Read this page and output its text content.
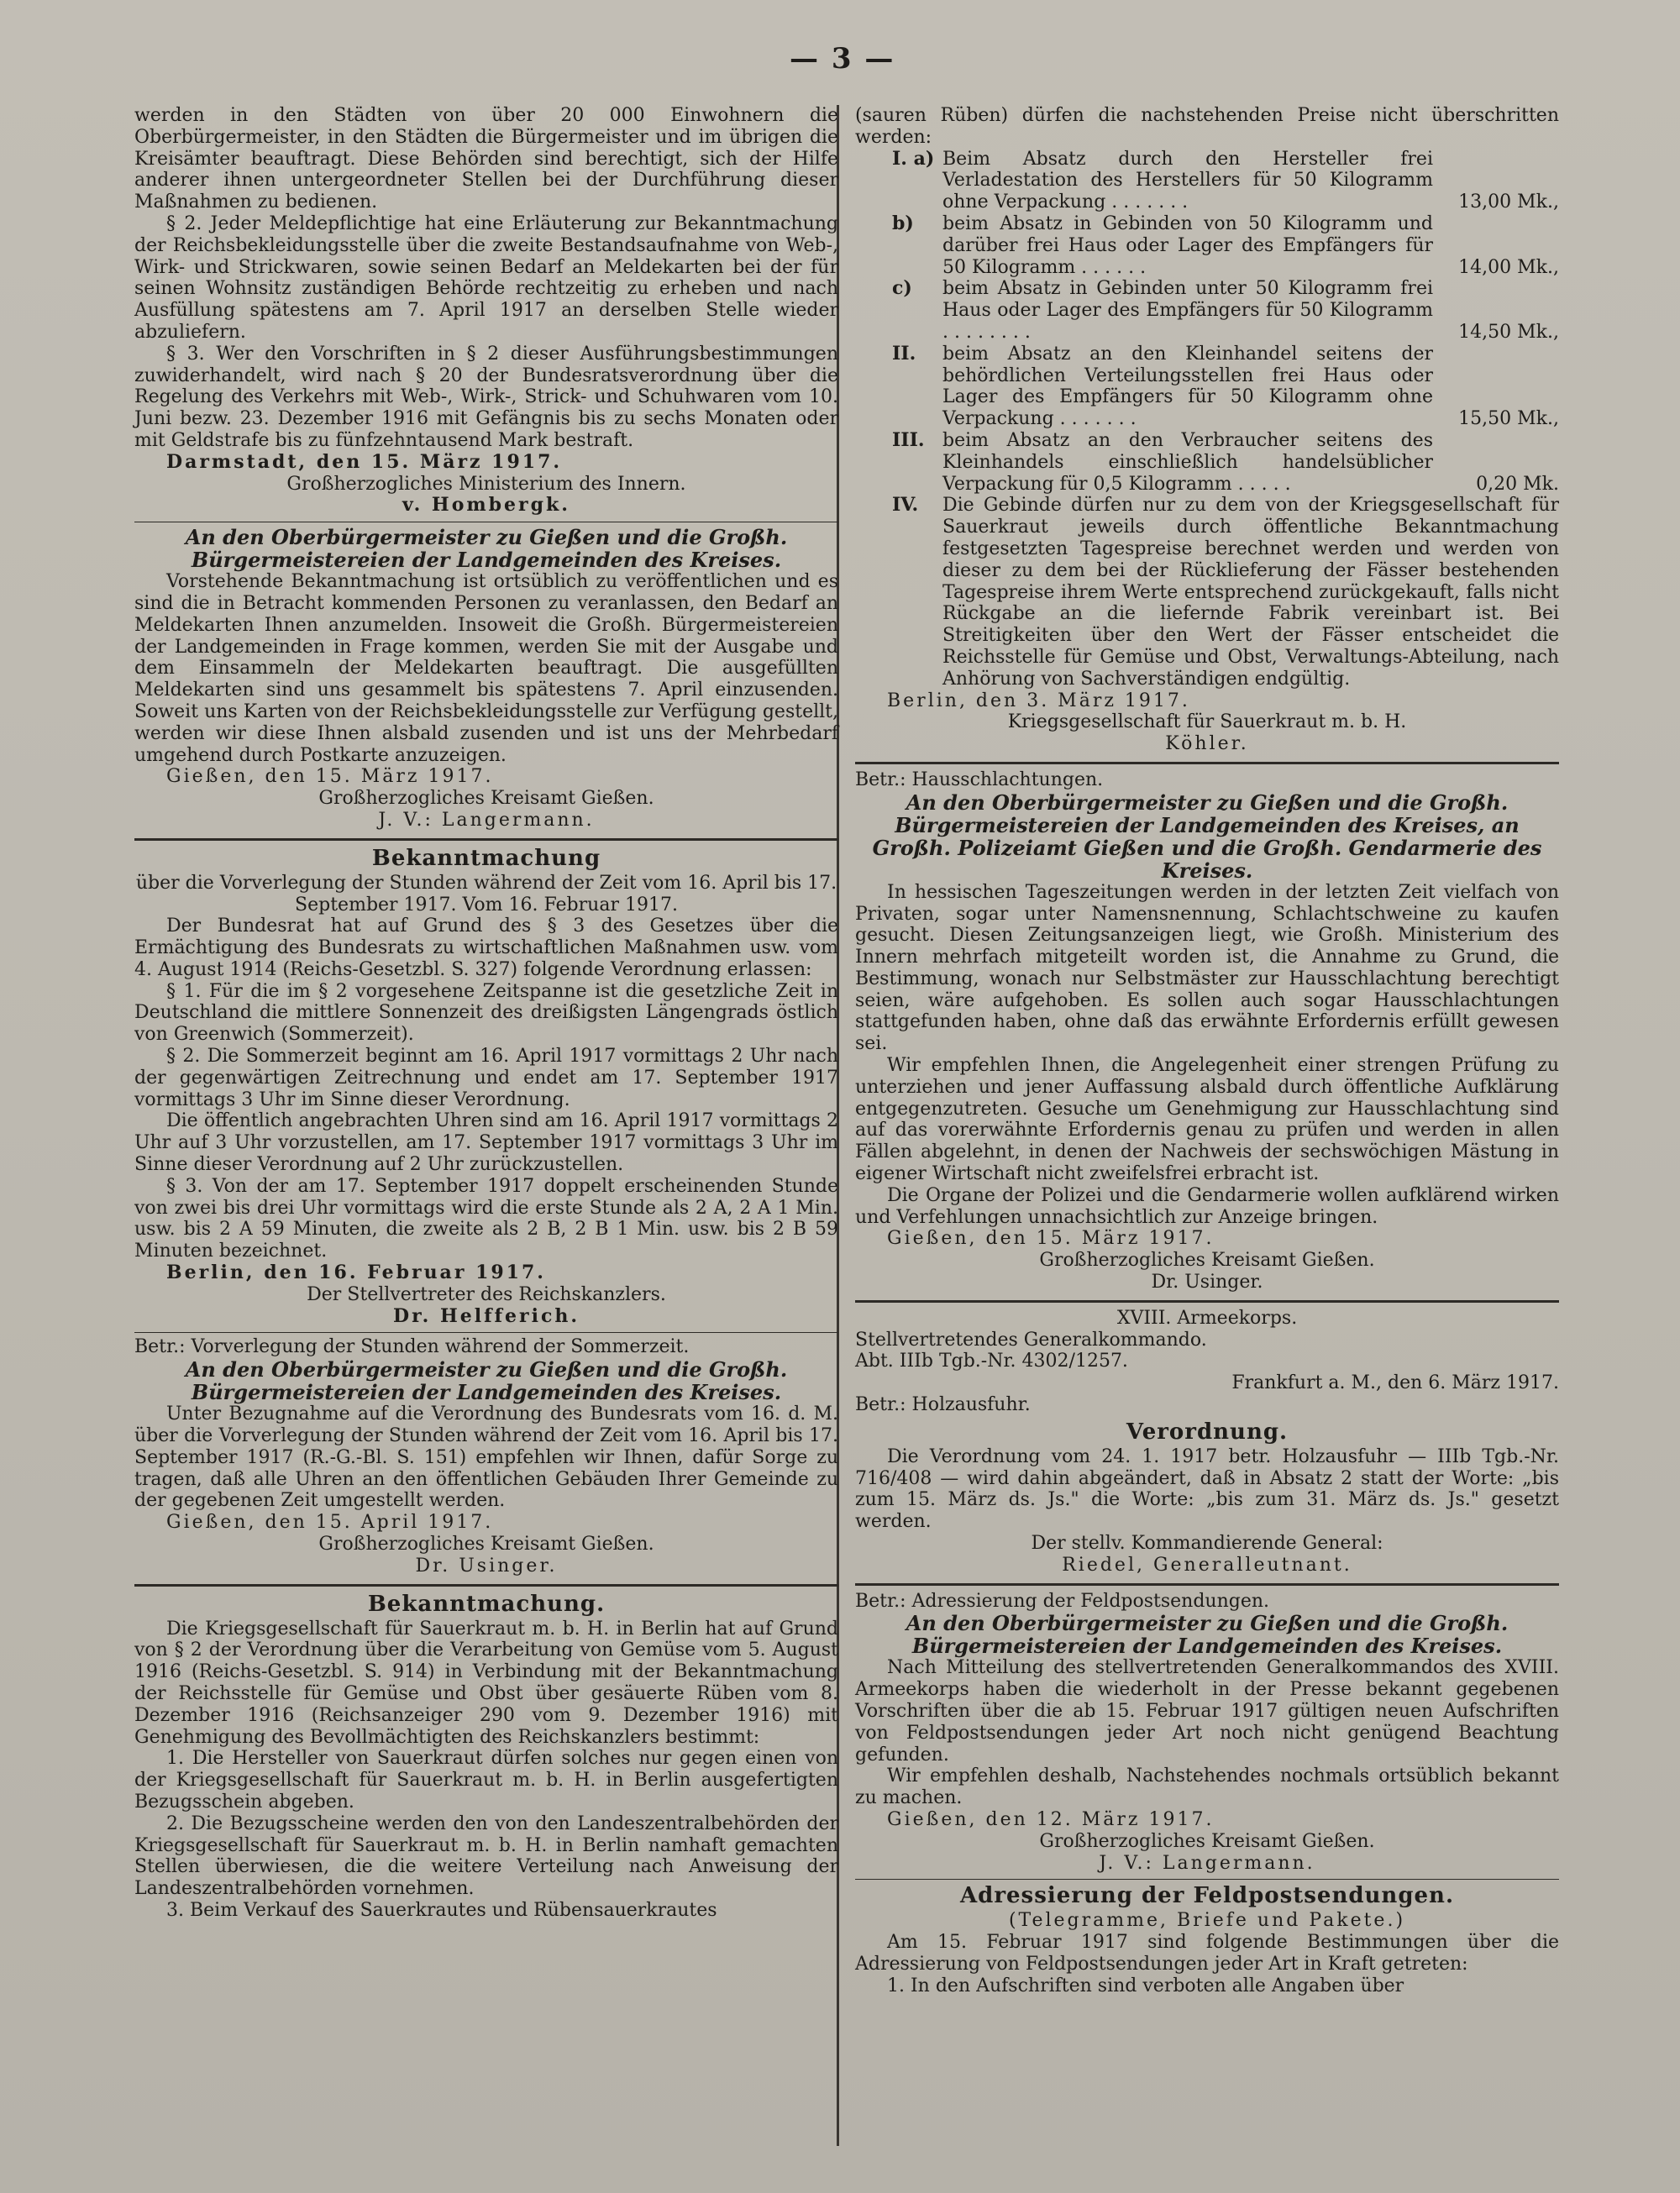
— 3 —

werden in den Städten von über 20 000 Einwohnern die Oberbürgermeister, in den Städten die Bürgermeister und im übrigen die Kreisämter beauftragt. Diese Behörden sind berechtigt, sich der Hilfe anderer ihnen untergeordneter Stellen bei der Durchführung dieser Maßnahmen zu bedienen.

§ 2. Jeder Meldepflichtige hat eine Erläuterung zur Bekanntmachung der Reichsbekleidungsstelle über die zweite Bestandsaufnahme von Web-, Wirk- und Strickwaren, sowie seinen Bedarf an Meldekarten bei der für seinen Wohnsitz zuständigen Behörde rechtzeitig zu erheben und nach Ausfüllung spätestens am 7. April 1917 an derselben Stelle wieder abzuliefern.

§ 3. Wer den Vorschriften in § 2 dieser Ausführungsbestimmungen zuwiderhandelt, wird nach § 20 der Bundesratsverordnung über die Regelung des Verkehrs mit Web-, Wirk-, Strick- und Schuhwaren vom 10. Juni bezw. 23. Dezember 1916 mit Gefängnis bis zu sechs Monaten oder mit Geldstrafe bis zu fünfzehntausend Mark bestraft.

Darmstadt, den 15. März 1917.

Großherzogliches Ministerium des Innern.

v. Hombergk.

An den Oberbürgermeister zu Gießen und die Großh. Bürgermeistereien der Landgemeinden des Kreises.

Vorstehende Bekanntmachung ist ortsüblich zu veröffentlichen und es sind die in Betracht kommenden Personen zu veranlassen, den Bedarf an Meldekarten Ihnen anzumelden. Insoweit die Großh. Bürgermeistereien der Landgemeinden in Frage kommen, werden Sie mit der Ausgabe und dem Einsammeln der Meldekarten beauftragt. Die ausgefüllten Meldekarten sind uns gesammelt bis spätestens 7. April einzusenden. Soweit uns Karten von der Reichsbekleidungsstelle zur Verfügung gestellt, werden wir diese Ihnen alsbald zusenden und ist uns der Mehrbedarf umgehend durch Postkarte anzuzeigen.

Gießen, den 15. März 1917.

Großherzogliches Kreisamt Gießen.

J. V.: Langermann.

Bekanntmachung

über die Vorverlegung der Stunden während der Zeit vom 16. April bis 17. September 1917. Vom 16. Februar 1917.

Der Bundesrat hat auf Grund des § 3 des Gesetzes über die Ermächtigung des Bundesrats zu wirtschaftlichen Maßnahmen usw. vom 4. August 1914 (Reichs-Gesetzbl. S. 327) folgende Verordnung erlassen:

§ 1. Für die im § 2 vorgesehene Zeitspanne ist die gesetzliche Zeit in Deutschland die mittlere Sonnenzeit des dreißigsten Längengrads östlich von Greenwich (Sommerzeit).

§ 2. Die Sommerzeit beginnt am 16. April 1917 vormittags 2 Uhr nach der gegenwärtigen Zeitrechnung und endet am 17. September 1917 vormittags 3 Uhr im Sinne dieser Verordnung.

Die öffentlich angebrachten Uhren sind am 16. April 1917 vormittags 2 Uhr auf 3 Uhr vorzustellen, am 17. September 1917 vormittags 3 Uhr im Sinne dieser Verordnung auf 2 Uhr zurückzustellen.

§ 3. Von der am 17. September 1917 doppelt erscheinenden Stunde von zwei bis drei Uhr vormittags wird die erste Stunde als 2 A, 2 A 1 Min. usw. bis 2 A 59 Minuten, die zweite als 2 B, 2 B 1 Min. usw. bis 2 B 59 Minuten bezeichnet.

Berlin, den 16. Februar 1917.

Der Stellvertreter des Reichskanzlers.

Dr. Helfferich.

Betr.: Vorverlegung der Stunden während der Sommerzeit.

An den Oberbürgermeister zu Gießen und die Großh. Bürgermeistereien der Landgemeinden des Kreises.

Unter Bezugnahme auf die Verordnung des Bundesrats vom 16. d. M. über die Vorverlegung der Stunden während der Zeit vom 16. April bis 17. September 1917 (R.-G.-Bl. S. 151) empfehlen wir Ihnen, dafür Sorge zu tragen, daß alle Uhren an den öffentlichen Gebäuden Ihrer Gemeinde zu der gegebenen Zeit umgestellt werden.

Gießen, den 15. April 1917.

Großherzogliches Kreisamt Gießen.

Dr. Usinger.

Bekanntmachung.

Die Kriegsgesellschaft für Sauerkraut m. b. H. in Berlin hat auf Grund von § 2 der Verordnung über die Verarbeitung von Gemüse vom 5. August 1916 (Reichs-Gesetzbl. S. 914) in Verbindung mit der Bekanntmachung der Reichsstelle für Gemüse und Obst über gesäuerte Rüben vom 8. Dezember 1916 (Reichsanzeiger 290 vom 9. Dezember 1916) mit Genehmigung des Bevollmächtigten des Reichskanzlers bestimmt:

1. Die Hersteller von Sauerkraut dürfen solches nur gegen einen von der Kriegsgesellschaft für Sauerkraut m. b. H. in Berlin ausgefertigten Bezugsschein abgeben.

2. Die Bezugsscheine werden den von den Landeszentralbehörden der Kriegsgesellschaft für Sauerkraut m. b. H. in Berlin namhaft gemachten Stellen überwiesen, die die weitere Verteilung nach Anweisung der Landeszentralbehörden vornehmen.

3. Beim Verkauf des Sauerkrautes und Rübensauerkrautes

(sauren Rüben) dürfen die nachstehenden Preise nicht überschritten werden:

I. a) Beim Absatz durch den Hersteller frei Verladestation des Herstellers für 50 Kilogramm ohne Verpackung . . . . . . .	13,00 Mk.,
b) beim Absatz in Gebinden von 50 Kilogramm und darüber frei Haus oder Lager des Empfängers für 50 Kilogramm . . . . . .	14,00 Mk.,
c) beim Absatz in Gebinden unter 50 Kilogramm frei Haus oder Lager des Empfängers für 50 Kilogramm . . . . . . . .	14,50 Mk.,
II. beim Absatz an den Kleinhandel seitens der behördlichen Verteilungsstellen frei Haus oder Lager des Empfängers für 50 Kilogramm ohne Verpackung . . . . . . .	15,50 Mk.,
III. beim Absatz an den Verbraucher seitens des Kleinhandels einschließlich handelsüblicher Verpackung für 0,5 Kilogramm . . . . .	0,20 Mk.
IV. Die Gebinde dürfen nur zu dem von der Kriegsgesellschaft für Sauerkraut jeweils durch öffentliche Bekanntmachung festgesetzten Tagespreise berechnet werden und werden von dieser zu dem bei der Rücklieferung der Fässer bestehenden Tagespreise ihrem Werte entsprechend zurückgekauft, falls nicht Rückgabe an die liefernde Fabrik vereinbart ist. Bei Streitigkeiten über den Wert der Fässer entscheidet die Reichsstelle für Gemüse und Obst, Verwaltungs-Abteilung, nach Anhörung von Sachverständigen endgültig.

Berlin, den 3. März 1917.

Kriegsgesellschaft für Sauerkraut m. b. H.

Köhler.

Betr.: Hausschlachtungen.

An den Oberbürgermeister zu Gießen und die Großh. Bürgermeistereien der Landgemeinden des Kreises, an Großh. Polizeiamt Gießen und die Großh. Gendarmerie des Kreises.

In hessischen Tageszeitungen werden in der letzten Zeit vielfach von Privaten, sogar unter Namensnennung, Schlachtschweine zu kaufen gesucht. Diesen Zeitungsanzeigen liegt, wie Großh. Ministerium des Innern mehrfach mitgeteilt worden ist, die Annahme zu Grund, die Bestimmung, wonach nur Selbstmäster zur Hausschlachtung berechtigt seien, wäre aufgehoben. Es sollen auch sogar Hausschlachtungen stattgefunden haben, ohne daß das erwähnte Erfordernis erfüllt gewesen sei.

Wir empfehlen Ihnen, die Angelegenheit einer strengen Prüfung zu unterziehen und jener Auffassung alsbald durch öffentliche Aufklärung entgegenzutreten. Gesuche um Genehmigung zur Hausschlachtung sind auf das vorerwähnte Erfordernis genau zu prüfen und werden in allen Fällen abgelehnt, in denen der Nachweis der sechswöchigen Mästung in eigener Wirtschaft nicht zweifelsfrei erbracht ist.

Die Organe der Polizei und die Gendarmerie wollen aufklärend wirken und Verfehlungen unnachsichtlich zur Anzeige bringen.

Gießen, den 15. März 1917.

Großherzogliches Kreisamt Gießen.

Dr. Usinger.

XVIII. Armeekorps.

Stellvertretendes Generalkommando.

Abt. IIIb Tgb.-Nr. 4302/1257.

Frankfurt a. M., den 6. März 1917.

Betr.: Holzausfuhr.

Verordnung.

Die Verordnung vom 24. 1. 1917 betr. Holzausfuhr — IIIb Tgb.-Nr. 716/408 — wird dahin abgeändert, daß in Absatz 2 statt der Worte: „bis zum 15. März ds. Js." die Worte: „bis zum 31. März ds. Js." gesetzt werden.

Der stellv. Kommandierende General:

Riedel, Generalleutnant.

Betr.: Adressierung der Feldpostsendungen.

An den Oberbürgermeister zu Gießen und die Großh. Bürgermeistereien der Landgemeinden des Kreises.

Nach Mitteilung des stellvertretenden Generalkommandos des XVIII. Armeekorps haben die wiederholt in der Presse bekannt gegebenen Vorschriften über die ab 15. Februar 1917 gültigen neuen Aufschriften von Feldpostsendungen jeder Art noch nicht genügend Beachtung gefunden.

Wir empfehlen deshalb, Nachstehendes nochmals ortsüblich bekannt zu machen.

Gießen, den 12. März 1917.

Großherzogliches Kreisamt Gießen.

J. V.: Langermann.

Adressierung der Feldpostsendungen.

(Telegramme, Briefe und Pakete.)

Am 15. Februar 1917 sind folgende Bestimmungen über die Adressierung von Feldpostsendungen jeder Art in Kraft getreten:

1. In den Aufschriften sind verboten alle Angaben über
